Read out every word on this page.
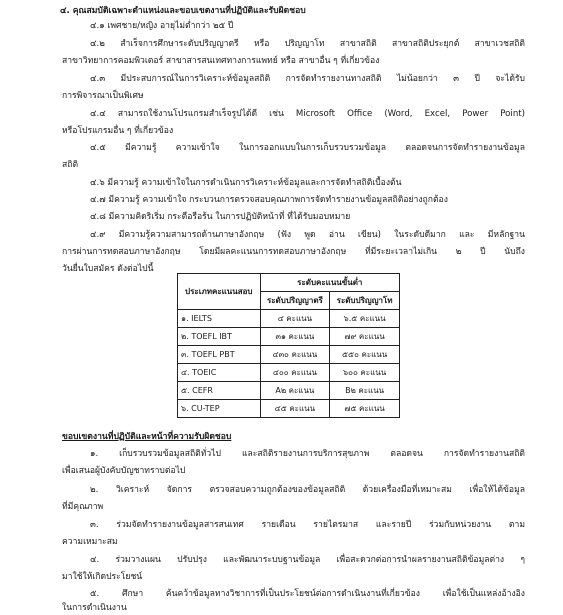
๔. คุณสมบัติเฉพาะตำแหน่งและขอบเขตงานที่ปฏิบัติและรับผิดชอบ
๔.๑ เพศชาย/หญิง อายุไม่ต่ำกว่า ๒๕ ปี
๔.๒ สำเร็จการศึกษาระดับปริญญาตรี หรือ ปริญญาโท สาขาสถิติ สาขาสถิติประยุกต์ สาขาเวชสถิติ
สาขาวิทยาการคอมพิวเตอร์ สาขาสารสนเทศทางการแพทย์ หรือ สาขาอื่น ๆ ที่เกี่ยวข้อง
๔.๓ มีประสบการณ์ในการวิเคราะห์ข้อมูลสถิติ การจัดทำรายงานทางสถิติ ไม่น้อยกว่า ๓ ปี จะได้รับ
การพิจารณาเป็นพิเศษ
๔.๔ สามารถใช้งานโปรแกรมสำเร็จรูปได้ดี เช่น Microsoft Office (Word, Excel, Power Point)
หรือโปรแกรมอื่น ๆ ที่เกี่ยวข้อง
๔.๕ มีความรู้ ความเข้าใจ ในการออกแบบในการเก็บรวบรวมข้อมูล ตลอดจนการจัดทำรายงานข้อมูล
สถิติ
๔.๖ มีความรู้ ความเข้าใจในการดำเนินการวิเคราะห์ข้อมูลและการจัดทำสถิติเบื้องต้น
๔.๗ มีความรู้ ความเข้าใจ กระบวนการตรวจสอบคุณภาพการจัดทำรายงานข้อมูลสถิติอย่างถูกต้อง
๔.๘ มีความคิดริเริ่ม กระตือรือร้น ในการปฏิบัติหน้าที่ ที่ได้รับมอบหมาย
๔.๙ มีความรู้ความสามารถด้านภาษาอังกฤษ (ฟัง พูด อ่าน เขียน) ในระดับดีมาก และ มีหลักฐาน
การผ่านการทดสอบภาษาอังกฤษ โดยมีผลคะแนนการทดสอบภาษาอังกฤษ ที่มีระยะเวลาไม่เกิน ๒ ปี นับถึง
วันยื่นใบสมัคร ดังต่อไปนี้
ประเภทคะแนนสอบ	ระดับคะแนนขั้นต่ำ	
	ระดับปริญญาตรี	ระดับปริญญาโท
๑. IELTS	๔ คะแนน	๖.๕ คะแนน
๒. TOEFL IBT	๓๑ คะแนน	๗๙ คะแนน
๓. TOEFL PBT	๔๓๐ คะแนน	๕๕๐ คะแนน
๔. TOEIC	๔๐๐ คะแนน	๖๐๐ คะแนน
๕. CEFR	A๒ คะแนน	B๒ คะแนน
๖. CU-TEP	๔๕ คะแนน	๗๕ คะแนน
ขอบเขตงานที่ปฏิบัติและหน้าที่ความรับผิดชอบ
๑. เก็บรวบรวมข้อมูลสถิติทั่วไป และสถิติรายงานการบริการสุขภาพ ตลอดจน การจัดทำรายงานสถิติ
เพื่อเสนอผู้บังคับบัญชาทราบต่อไป
๒. วิเคราะห์ จัดการ ตรวจสอบความถูกต้องของข้อมูลสถิติ ด้วยเครื่องมือที่เหมาะสม เพื่อให้ได้ข้อมูล
ที่มีคุณภาพ
๓. ร่วมจัดทำรายงานข้อมูลสารสนเทศ รายเดือน รายไตรมาส และรายปี ร่วมกับหน่วยงาน ตาม
ความเหมาะสม
๔. ร่วมวางแผน ปรับปรุง และพัฒนาระบบฐานข้อมูล เพื่อสะดวกต่อการนำผลรายงานสถิติข้อมูลต่าง ๆ
มาใช้ให้เกิดประโยชน์
๕. ศึกษา ค้นคว้าข้อมูลทางวิชาการที่เป็นประโยชน์ต่อการดำเนินงานที่เกี่ยวข้อง เพื่อใช้เป็นแหล่งอ้างอิง
ในการดำเนินงาน
